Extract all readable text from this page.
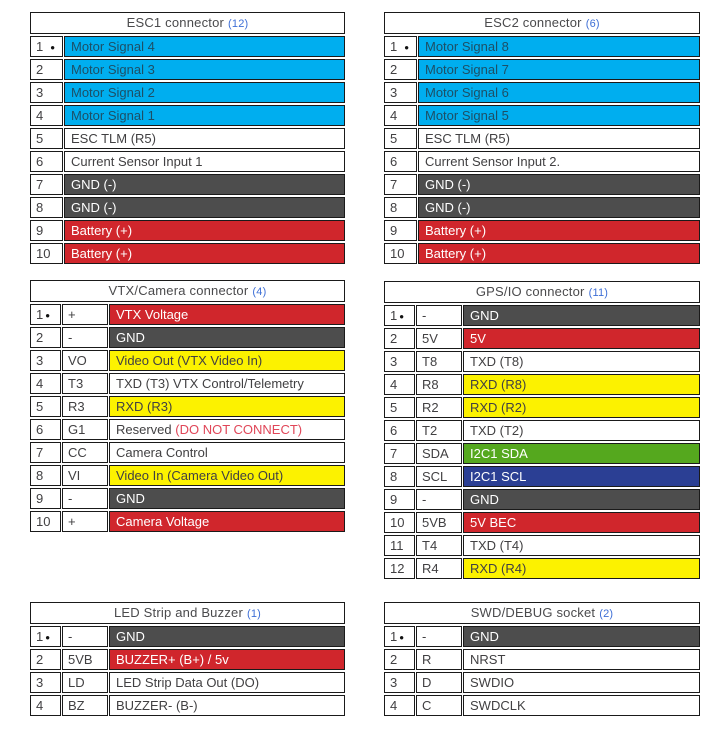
ESC1 connector (12)
1 ●	Motor Signal 4
2	Motor Signal 3
3	Motor Signal 2
4	Motor Signal 1
5	ESC TLM (R5)
6	Current Sensor Input 1
7	GND (-)
8	GND (-)
9	Battery (+)
10	Battery (+)
ESC2 connector (6)
1 ●	Motor Signal 8
2	Motor Signal 7
3	Motor Signal 6
4	Motor Signal 5
5	ESC TLM (R5)
6	Current Sensor Input 2.
7	GND (-)
8	GND (-)
9	Battery (+)
10	Battery (+)
VTX/Camera connector (4)
1 ●	+	VTX Voltage
2	-	GND
3	VO	Video Out (VTX Video In)
4	T3	TXD (T3) VTX Control/Telemetry
5	R3	RXD (R3)
6	G1	Reserved (DO NOT CONNECT)
7	CC	Camera Control
8	VI	Video In (Camera Video Out)
9	-	GND
10	+	Camera Voltage
GPS/IO connector (11)
1 ●	-	GND
2	5V	5V
3	T8	TXD (T8)
4	R8	RXD (R8)
5	R2	RXD (R2)
6	T2	TXD (T2)
7	SDA	I2C1 SDA
8	SCL	I2C1 SCL
9	-	GND
10	5VB	5V BEC
11	T4	TXD (T4)
12	R4	RXD (R4)
LED Strip and Buzzer (1)
1 ●	-	GND
2	5VB	BUZZER+ (B+) / 5v
3	LD	LED Strip Data Out (DO)
4	BZ	BUZZER- (B-)
SWD/DEBUG socket (2)
1 ●	-	GND
2	R	NRST
3	D	SWDIO
4	C	SWDCLK
